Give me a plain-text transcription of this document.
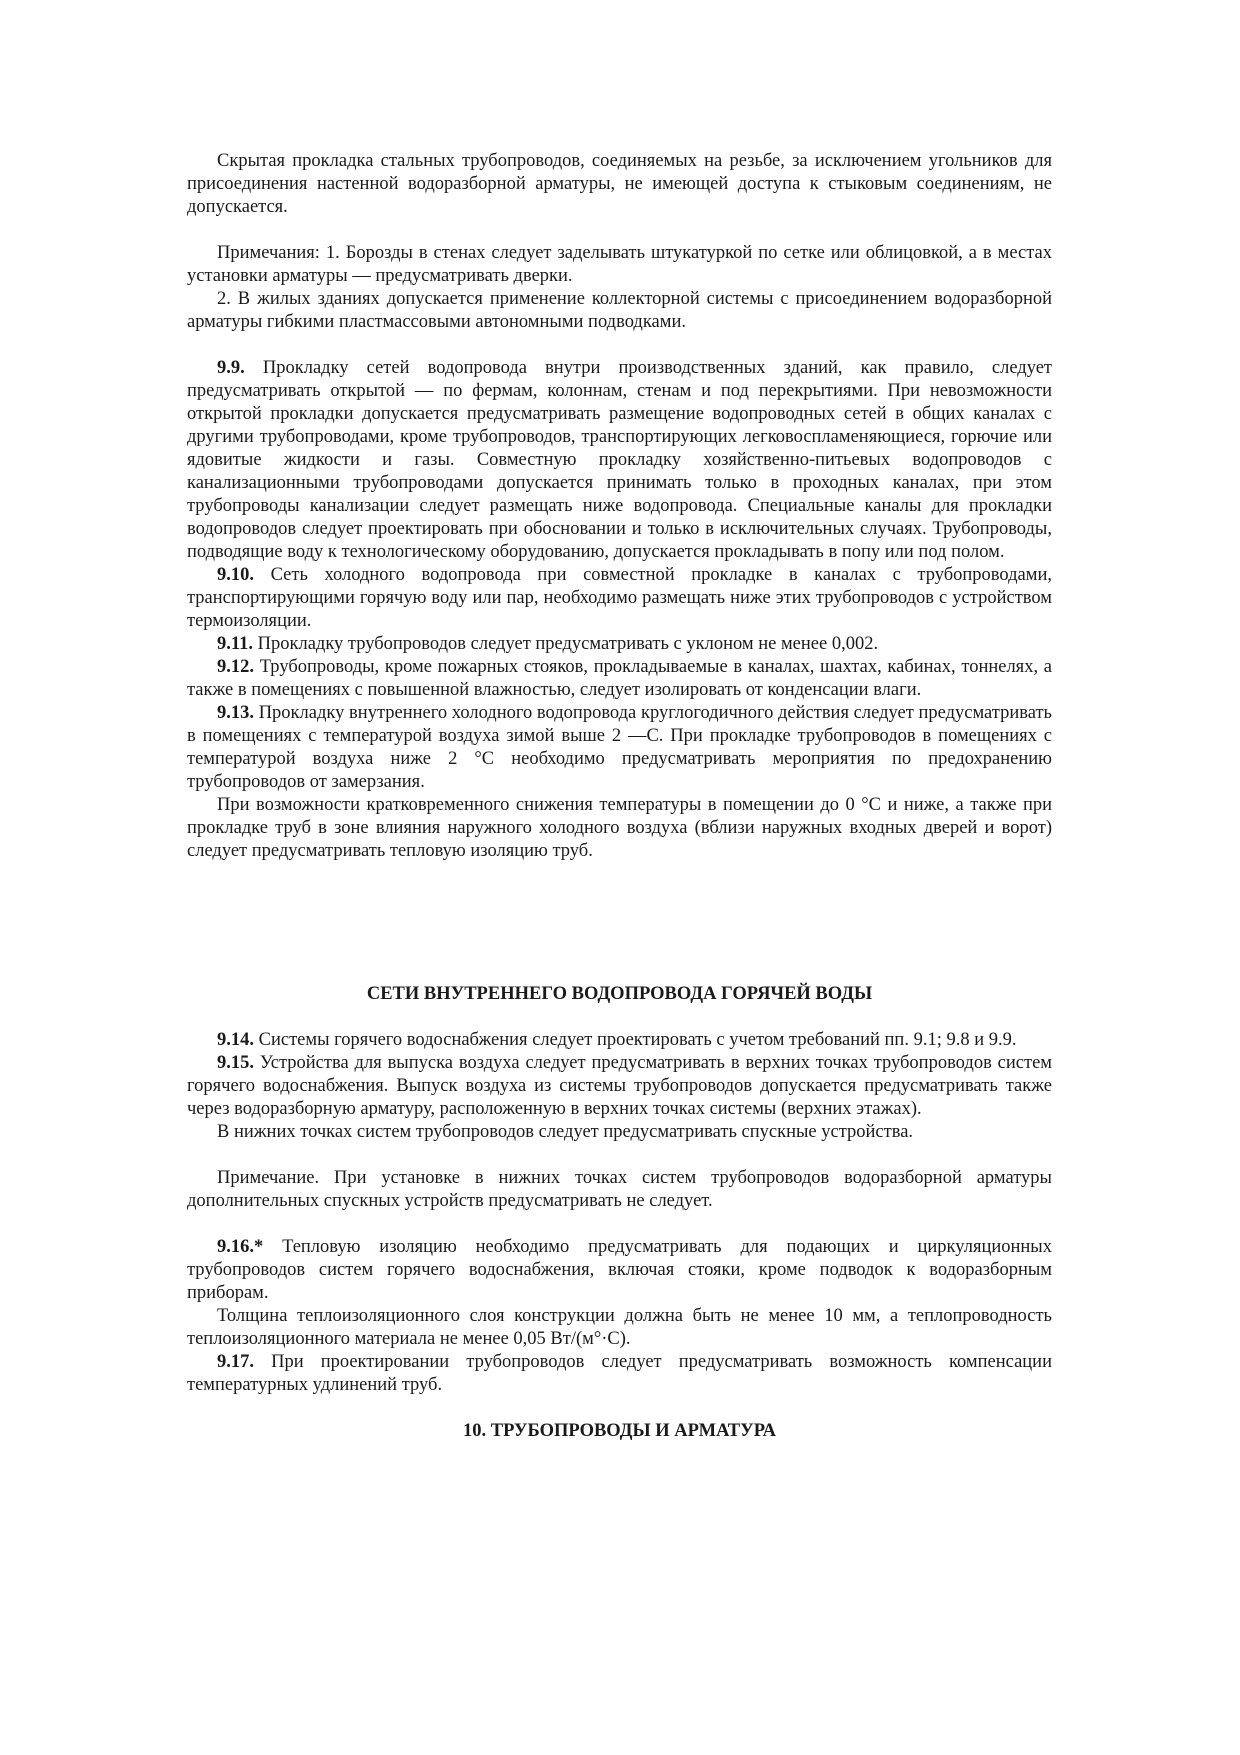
Скрытая прокладка стальных трубопроводов, соединяемых на резьбе, за исключением угольников для присоединения настенной водоразборной арматуры, не имеющей доступа к стыковым соединениям, не допускается.

Примечания: 1. Борозды в стенах следует заделывать штукатуркой по сетке или облицовкой, а в местах установки арматуры — предусматривать дверки.

2. В жилых зданиях допускается применение коллекторной системы с присоединением водоразборной арматуры гибкими пластмассовыми автономными подводками.

9.9. Прокладку сетей водопровода внутри производственных зданий, как правило, следует предусматривать открытой — по фермам, колоннам, стенам и под перекрытиями. При невозможности открытой прокладки допускается предусматривать размещение водопроводных сетей в общих каналах с другими трубопроводами, кроме трубопроводов, транспортирующих легковоспламеняющиеся, горючие или ядовитые жидкости и газы. Совместную прокладку хозяйственно-питьевых водопроводов с канализационными трубопроводами допускается принимать только в проходных каналах, при этом трубопроводы канализации следует размещать ниже водопровода. Специальные каналы для прокладки водопроводов следует проектировать при обосновании и только в исключительных случаях. Трубопроводы, подводящие воду к технологическому оборудованию, допускается прокладывать в попу или под полом.

9.10. Сеть холодного водопровода при совместной прокладке в каналах с трубопроводами, транспортирующими горячую воду или пар, необходимо размещать ниже этих трубопроводов с устройством термоизоляции.

9.11. Прокладку трубопроводов следует предусматривать с уклоном не менее 0,002.

9.12. Трубопроводы, кроме пожарных стояков, прокладываемые в каналах, шахтах, кабинах, тоннелях, а также в помещениях с повышенной влажностью, следует изолировать от конденсации влаги.

9.13. Прокладку внутреннего холодного водопровода круглогодичного действия следует предусматривать в помещениях с температурой воздуха зимой выше 2 —С. При прокладке трубопроводов в помещениях с температурой воздуха ниже 2 °С необходимо предусматривать мероприятия по предохранению трубопроводов от замерзания.

При возможности кратковременного снижения температуры в помещении до 0 °С и ниже, а также при прокладке труб в зоне влияния наружного холодного воздуха (вблизи наружных входных дверей и ворот) следует предусматривать тепловую изоляцию труб.

СЕТИ ВНУТРЕННЕГО ВОДОПРОВОДА ГОРЯЧЕЙ ВОДЫ

9.14. Системы горячего водоснабжения следует проектировать с учетом требований пп. 9.1; 9.8 и 9.9.

9.15. Устройства для выпуска воздуха следует предусматривать в верхних точках трубопроводов систем горячего водоснабжения. Выпуск воздуха из системы трубопроводов допускается предусматривать также через водоразборную арматуру, расположенную в верхних точках системы (верхних этажах).

В нижних точках систем трубопроводов следует предусматривать спускные устройства.

Примечание. При установке в нижних точках систем трубопроводов водоразборной арматуры дополнительных спускных устройств предусматривать не следует.

9.16.* Тепловую изоляцию необходимо предусматривать для подающих и циркуляционных трубопроводов систем горячего водоснабжения, включая стояки, кроме подводок к водоразборным приборам.

Толщина теплоизоляционного слоя конструкции должна быть не менее 10 мм, а теплопроводность теплоизоляционного материала не менее 0,05 Вт/(м°·С).

9.17. При проектировании трубопроводов следует предусматривать возможность компенсации температурных удлинений труб.

10. ТРУБОПРОВОДЫ И АРМАТУРА
